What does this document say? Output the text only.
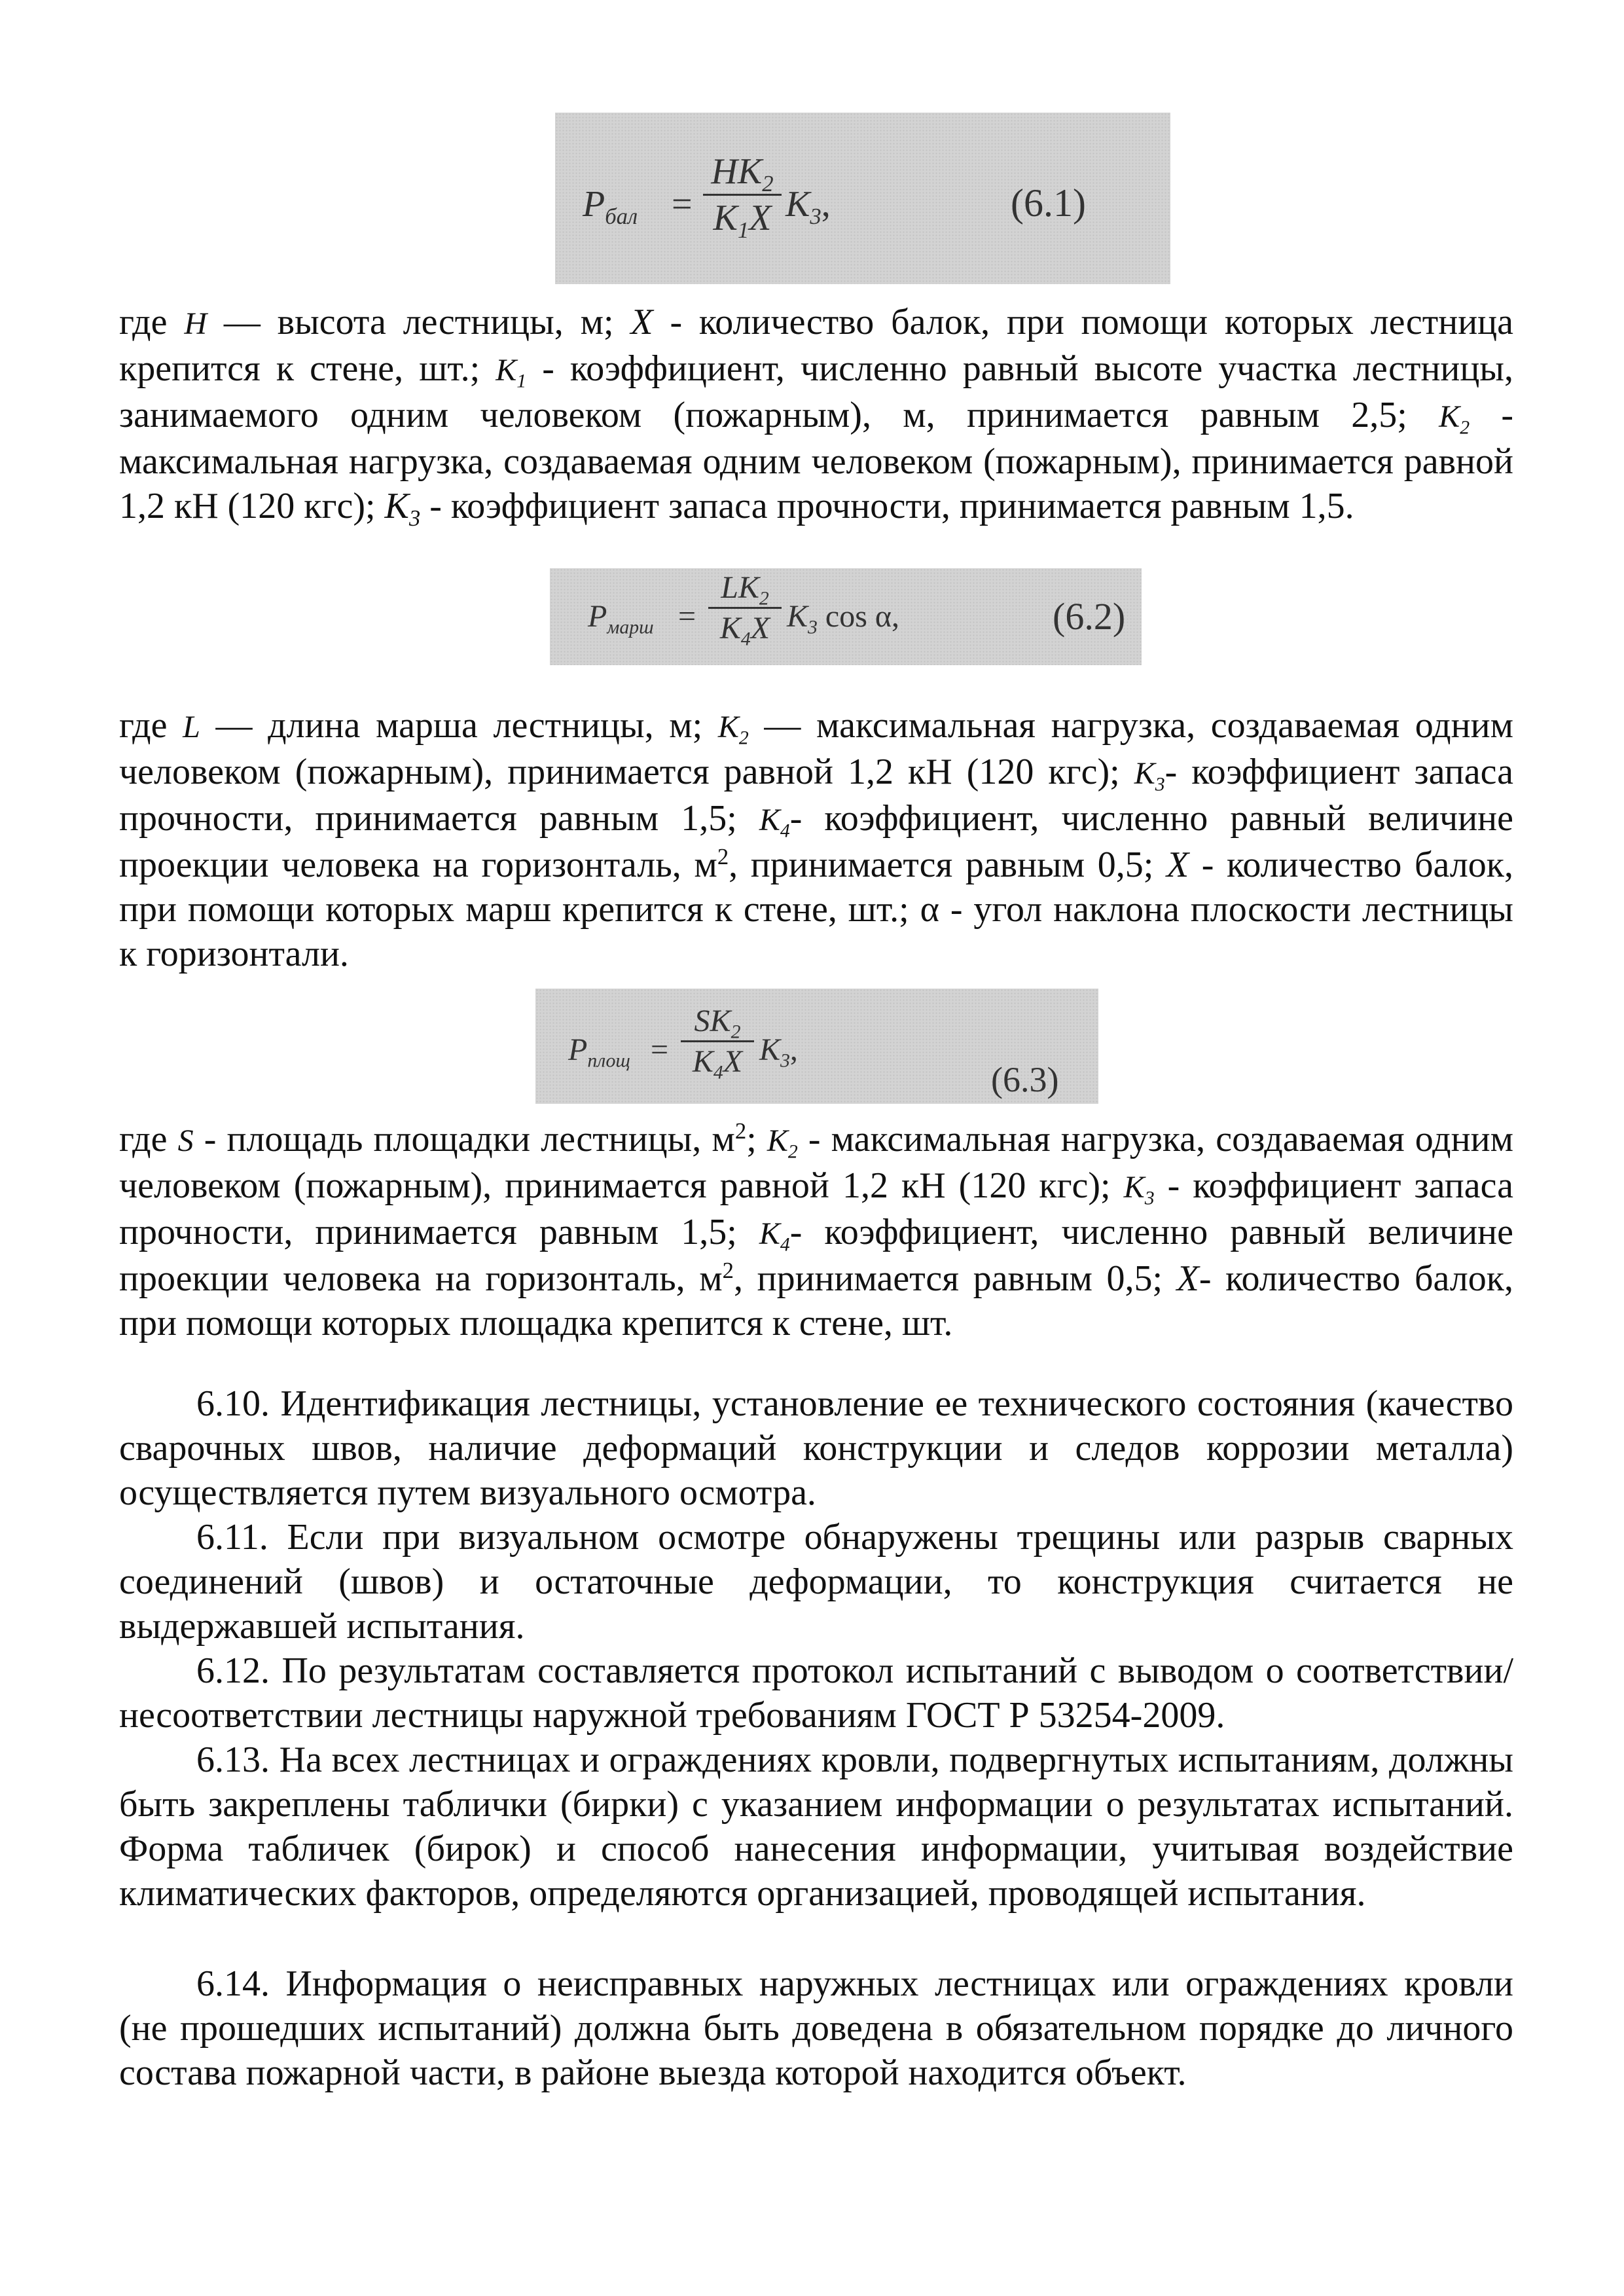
$P_{бал}$ =
$HK_2$
$K_1X$ $K_3$,	(6.1)

где H — высота лестницы, м; X - количество балок, при помощи которых лестница крепится к стене, шт.; $K_1$ - коэффициент, численно равный высоте участка лестницы, занимаемого одним человеком (пожарным), м, принимается равным 2,5; $K_2$ - максимальная нагрузка, создаваемая одним человеком (пожарным), принимается равной 1,2 кН (120 кгс); $K_3$ - коэффициент запаса прочности, принимается равным 1,5.

$P_{марш}$ =
$LK_2$
$K_4X$ $K_3$ cos α,	(6.2)

где L — длина марша лестницы, м; $K_2$ — максимальная нагрузка, создаваемая одним человеком (пожарным), принимается равной 1,2 кН (120 кгс); $K_3-$ коэффициент запаса прочности, принимается равным 1,5; $K_4-$ коэффициент, численно равный величине проекции человека на горизонталь, $м^2$, принимается равным 0,5; X - количество балок, при помощи которых марш крепится к стене, шт.; α - угол наклона плоскости лестницы к горизонтали.

$P_{площ}$ =
$SK_2$
$K_4X$ $K_3$,
(6.3)

где S - площадь площадки лестницы, $м^2$; $K_2$ - максимальная нагрузка, создаваемая одним человеком (пожарным), принимается равной 1,2 кН (120 кгс); $K_3$ - коэффициент запаса прочности, принимается равным 1,5; $K_4-$ коэффициент, численно равный величине проекции человека на горизонталь, $м^2$, принимается равным 0,5; X- количество балок, при помощи которых площадка крепится к стене, шт.

6.10. Идентификация лестницы, установление ее технического состояния (качество сварочных швов, наличие деформаций конструкции и следов коррозии металла) осуществляется путем визуального осмотра.

6.11. Если при визуальном осмотре обнаружены трещины или разрыв сварных соединений (швов) и остаточные деформации, то конструкция считается не выдержавшей испытания.

6.12. По результатам составляется протокол испытаний с выводом о соответствии/несоответствии лестницы наружной требованиям ГОСТ Р 53254-2009.

6.13. На всех лестницах и ограждениях кровли, подвергнутых испытаниям, должны быть закреплены таблички (бирки) с указанием информации о результатах испытаний. Форма табличек (бирок) и способ нанесения информации, учитывая воздействие климатических факторов, определяются организацией, проводящей испытания.

6.14. Информация о неисправных наружных лестницах или ограждениях кровли (не прошедших испытаний) должна быть доведена в обязательном порядке до личного состава пожарной части, в районе выезда которой находится объект.
